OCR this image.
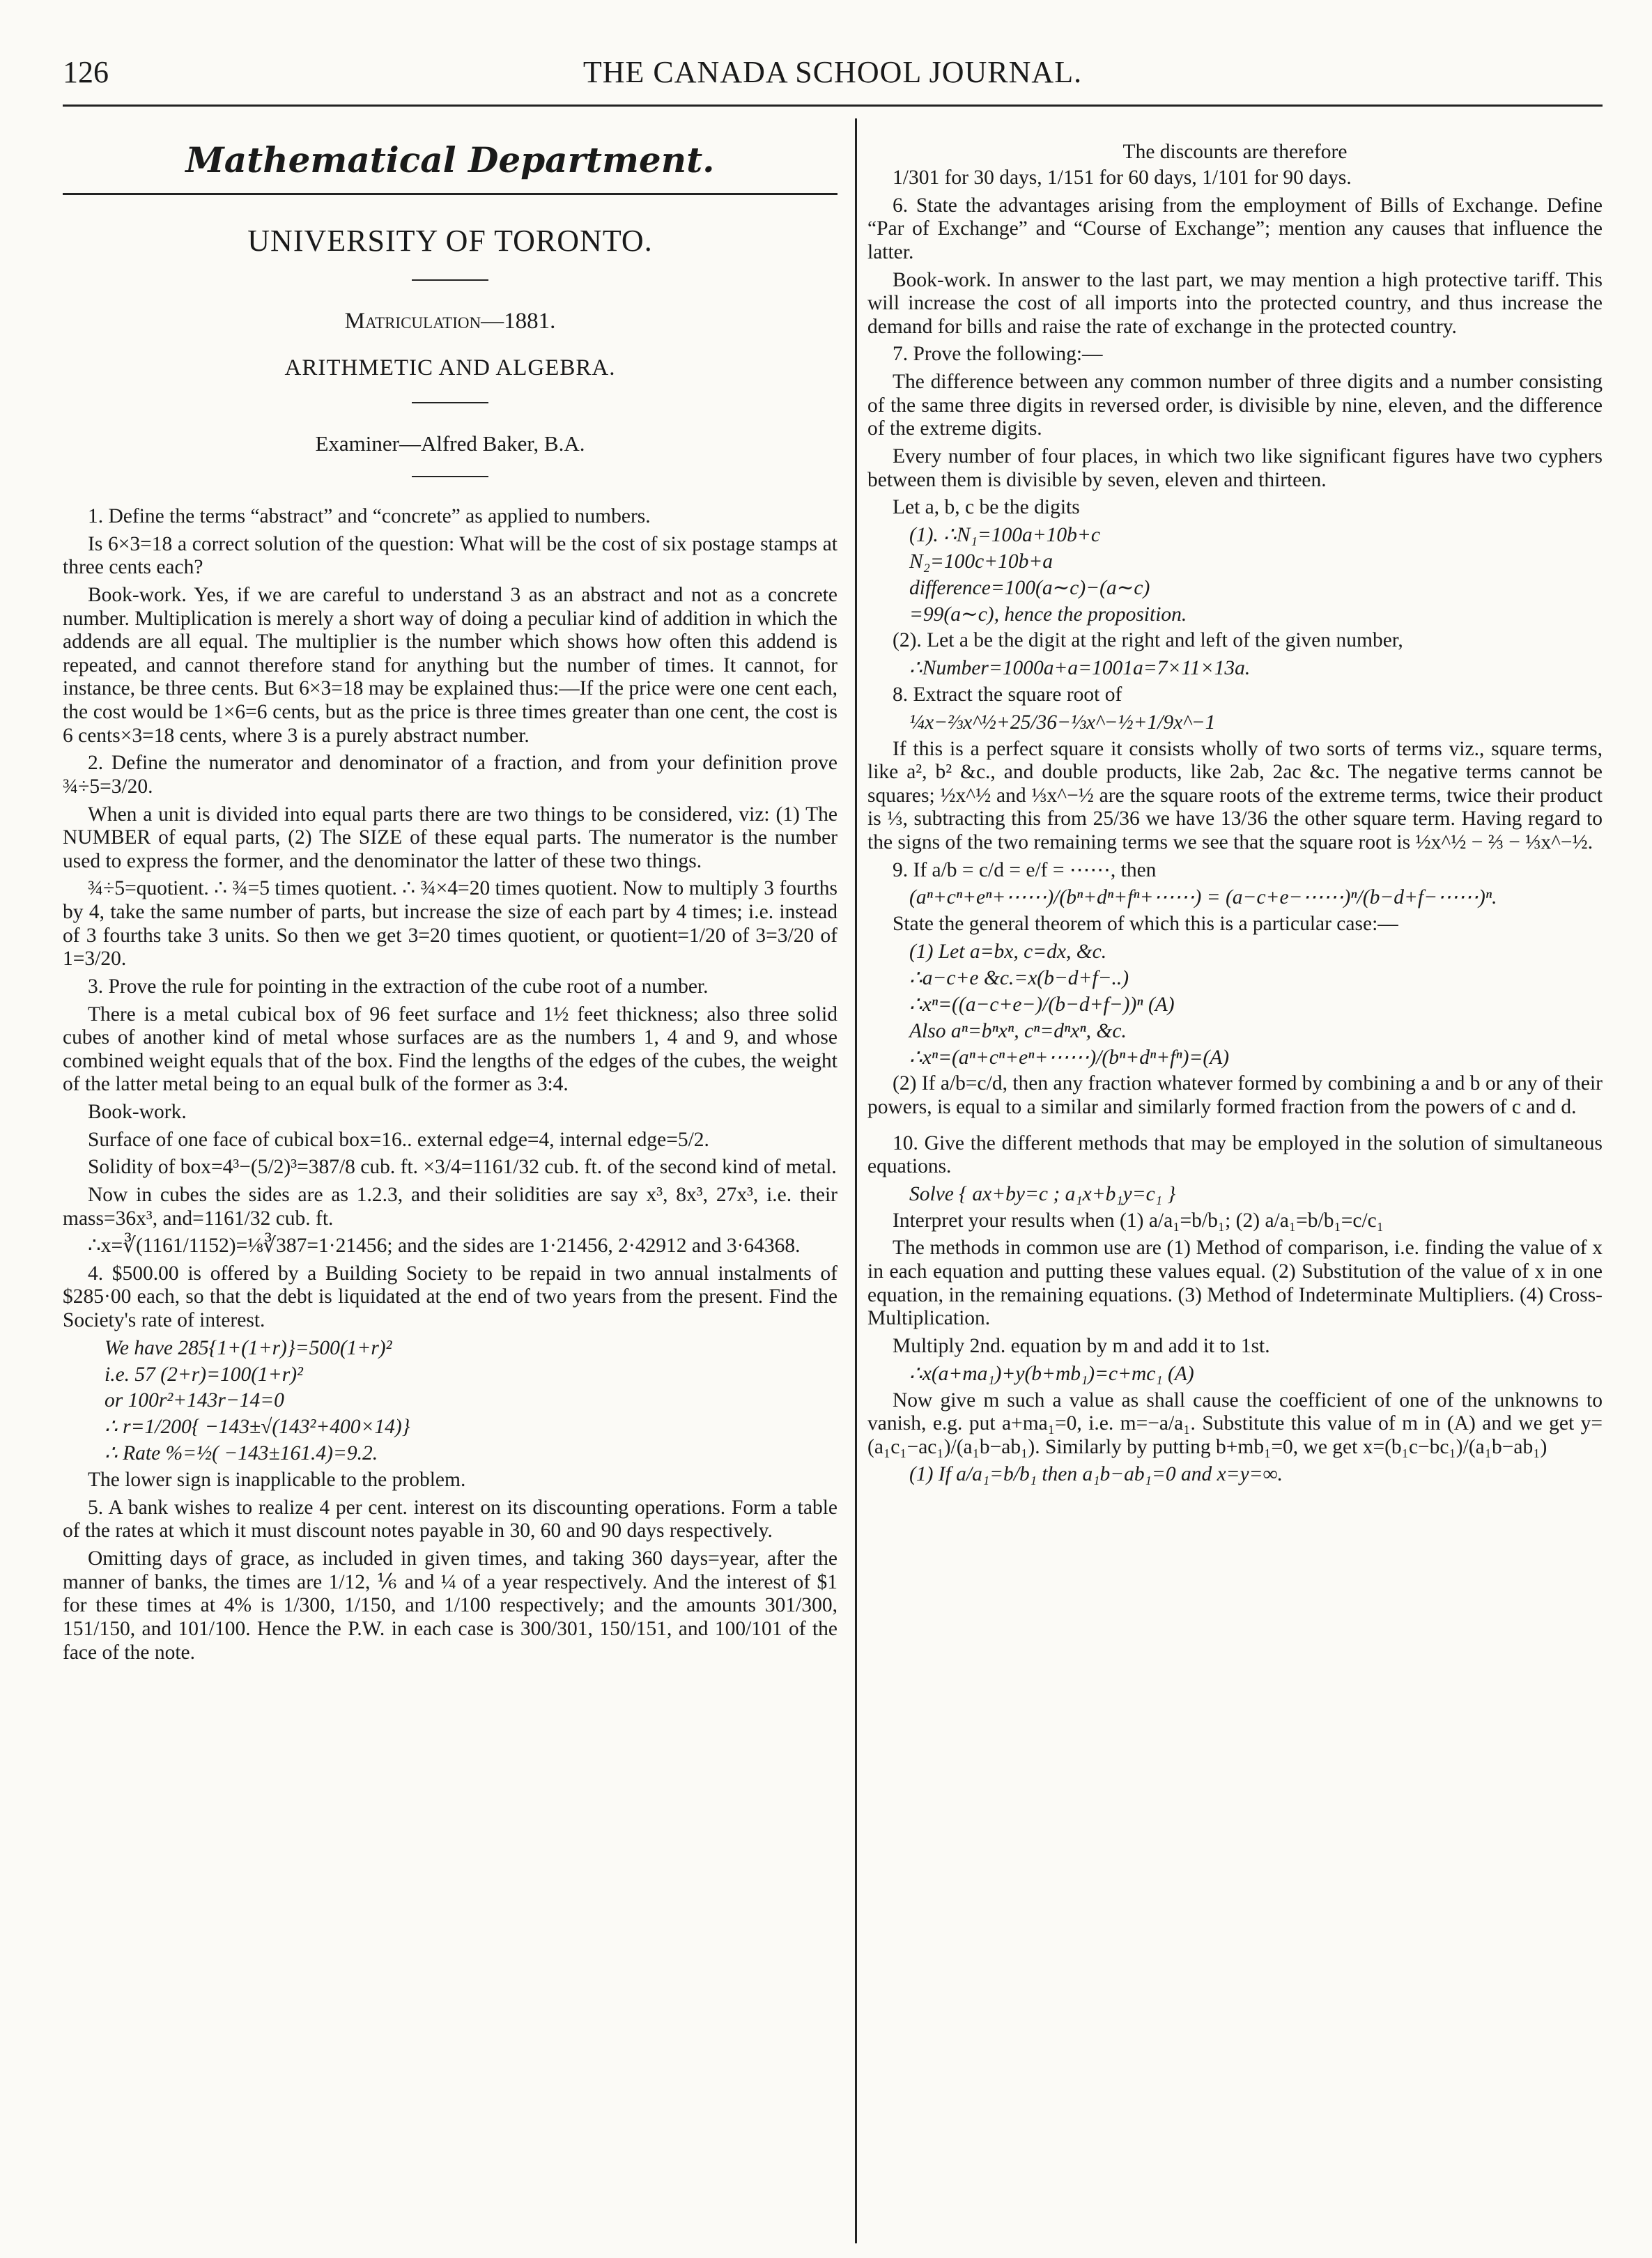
126	THE CANADA SCHOOL JOURNAL.
Mathematical Department.
UNIVERSITY OF TORONTO.
Matriculation—1881.
ARITHMETIC AND ALGEBRA.
Examiner—Alfred Baker, B.A.

1. Define the terms “abstract” and “concrete” as applied to numbers.

Is 6×3=18 a correct solution of the question: What will be the cost of six postage stamps at three cents each?

Book-work. Yes, if we are careful to understand 3 as an abstract and not as a concrete number. Multiplication is merely a short way of doing a peculiar kind of addition in which the addends are all equal. The multiplier is the number which shows how often this addend is repeated, and cannot therefore stand for anything but the number of times. It cannot, for instance, be three cents. But 6×3=18 may be explained thus:—If the price were one cent each, the cost would be 1×6=6 cents, but as the price is three times greater than one cent, the cost is 6 cents×3=18 cents, where 3 is a purely abstract number.

2. Define the numerator and denominator of a fraction, and from your definition prove ¾÷5=3/20.

When a unit is divided into equal parts there are two things to be considered, viz: (1) The NUMBER of equal parts, (2) The SIZE of these equal parts. The numerator is the number used to express the former, and the denominator the latter of these two things.

¾÷5=quotient. ∴ ¾=5 times quotient. ∴ ¾×4=20 times quotient. Now to multiply 3 fourths by 4, take the same number of parts, but increase the size of each part by 4 times; i.e. instead of 3 fourths take 3 units. So then we get 3=20 times quotient, or quotient=1/20 of 3=3/20 of 1=3/20.

3. Prove the rule for pointing in the extraction of the cube root of a number.

There is a metal cubical box of 96 feet surface and 1½ feet thickness; also three solid cubes of another kind of metal whose surfaces are as the numbers 1, 4 and 9, and whose combined weight equals that of the box. Find the lengths of the edges of the cubes, the weight of the latter metal being to an equal bulk of the former as 3:4.

Book-work.

Surface of one face of cubical box=16.. external edge=4, internal edge=5/2.

Solidity of box=4³−(5/2)³=387/8 cub. ft. ×3/4=1161/32 cub. ft. of the second kind of metal.

Now in cubes the sides are as 1.2.3, and their solidities are say x³, 8x³, 27x³, i.e. their mass=36x³, and=1161/32 cub. ft.

∴x=∛(1161/1152)=⅛∛387=1·21456; and the sides are 1·21456, 2·42912 and 3·64368.

4. $500.00 is offered by a Building Society to be repaid in two annual instalments of $285·00 each, so that the debt is liquidated at the end of two years from the present. Find the Society's rate of interest.

We have 285{1+(1+r)}=500(1+r)²

i.e. 57 (2+r)=100(1+r)²

or 100r²+143r−14=0

∴ r=1/200{ −143±√(143²+400×14)}

∴ Rate %=½( −143±161.4)=9.2.

The lower sign is inapplicable to the problem.

5. A bank wishes to realize 4 per cent. interest on its discounting operations. Form a table of the rates at which it must discount notes payable in 30, 60 and 90 days respectively.

Omitting days of grace, as included in given times, and taking 360 days=year, after the manner of banks, the times are 1/12, ⅙ and ¼ of a year respectively. And the interest of $1 for these times at 4% is 1/300, 1/150, and 1/100 respectively; and the amounts 301/300, 151/150, and 101/100. Hence the P.W. in each case is 300/301, 150/151, and 100/101 of the face of the note.

The discounts are therefore

1/301 for 30 days, 1/151 for 60 days, 1/101 for 90 days.

6. State the advantages arising from the employment of Bills of Exchange. Define “Par of Exchange” and “Course of Exchange”; mention any causes that influence the latter.

Book-work. In answer to the last part, we may mention a high protective tariff. This will increase the cost of all imports into the protected country, and thus increase the demand for bills and raise the rate of exchange in the protected country.

7. Prove the following:—

The difference between any common number of three digits and a number consisting of the same three digits in reversed order, is divisible by nine, eleven, and the difference of the extreme digits.

Every number of four places, in which two like significant figures have two cyphers between them is divisible by seven, eleven and thirteen.

Let a, b, c be the digits

(1). ∴N₁=100a+10b+c

N₂=100c+10b+a

difference=100(a∼c)−(a∼c)

=99(a∼c), hence the proposition.

(2). Let a be the digit at the right and left of the given number,

∴Number=1000a+a=1001a=7×11×13a.

8. Extract the square root of

¼x−⅔x^½+25/36−⅓x^−½+1/9x^−1

If this is a perfect square it consists wholly of two sorts of terms viz., square terms, like a², b² &c., and double products, like 2ab, 2ac &c. The negative terms cannot be squares; ½x^½ and ⅓x^−½ are the square roots of the extreme terms, twice their product is ⅓, subtracting this from 25/36 we have 13/36 the other square term. Having regard to the signs of the two remaining terms we see that the square root is ½x^½ − ⅔ − ⅓x^−½.

9. If a/b = c/d = e/f = ⋯⋯, then

(aⁿ+cⁿ+eⁿ+⋯⋯)/(bⁿ+dⁿ+fⁿ+⋯⋯) = (a−c+e−⋯⋯)ⁿ/(b−d+f−⋯⋯)ⁿ.

State the general theorem of which this is a particular case:—

(1) Let a=bx, c=dx, &c.

∴a−c+e &c.=x(b−d+f−..)

∴xⁿ=((a−c+e−)/(b−d+f−))ⁿ (A)

Also aⁿ=bⁿxⁿ, cⁿ=dⁿxⁿ, &c.

∴xⁿ=(aⁿ+cⁿ+eⁿ+⋯⋯)/(bⁿ+dⁿ+fⁿ)=(A)

(2) If a/b=c/d, then any fraction whatever formed by combining a and b or any of their powers, is equal to a similar and similarly formed fraction from the powers of c and d.

10. Give the different methods that may be employed in the solution of simultaneous equations.

Solve { ax+by=c ; a₁x+b₁y=c₁ }

Interpret your results when (1) a/a₁=b/b₁; (2) a/a₁=b/b₁=c/c₁

The methods in common use are (1) Method of comparison, i.e. finding the value of x in each equation and putting these values equal. (2) Substitution of the value of x in one equation, in the remaining equations. (3) Method of Indeterminate Multipliers. (4) Cross-Multiplication.

Multiply 2nd. equation by m and add it to 1st.

∴x(a+ma₁)+y(b+mb₁)=c+mc₁ (A)

Now give m such a value as shall cause the coefficient of one of the unknowns to vanish, e.g. put a+ma₁=0, i.e. m=−a/a₁. Substitute this value of m in (A) and we get y=(a₁c₁−ac₁)/(a₁b−ab₁). Similarly by putting b+mb₁=0, we get x=(b₁c−bc₁)/(a₁b−ab₁)

(1) If a/a₁=b/b₁ then a₁b−ab₁=0 and x=y=∞.
